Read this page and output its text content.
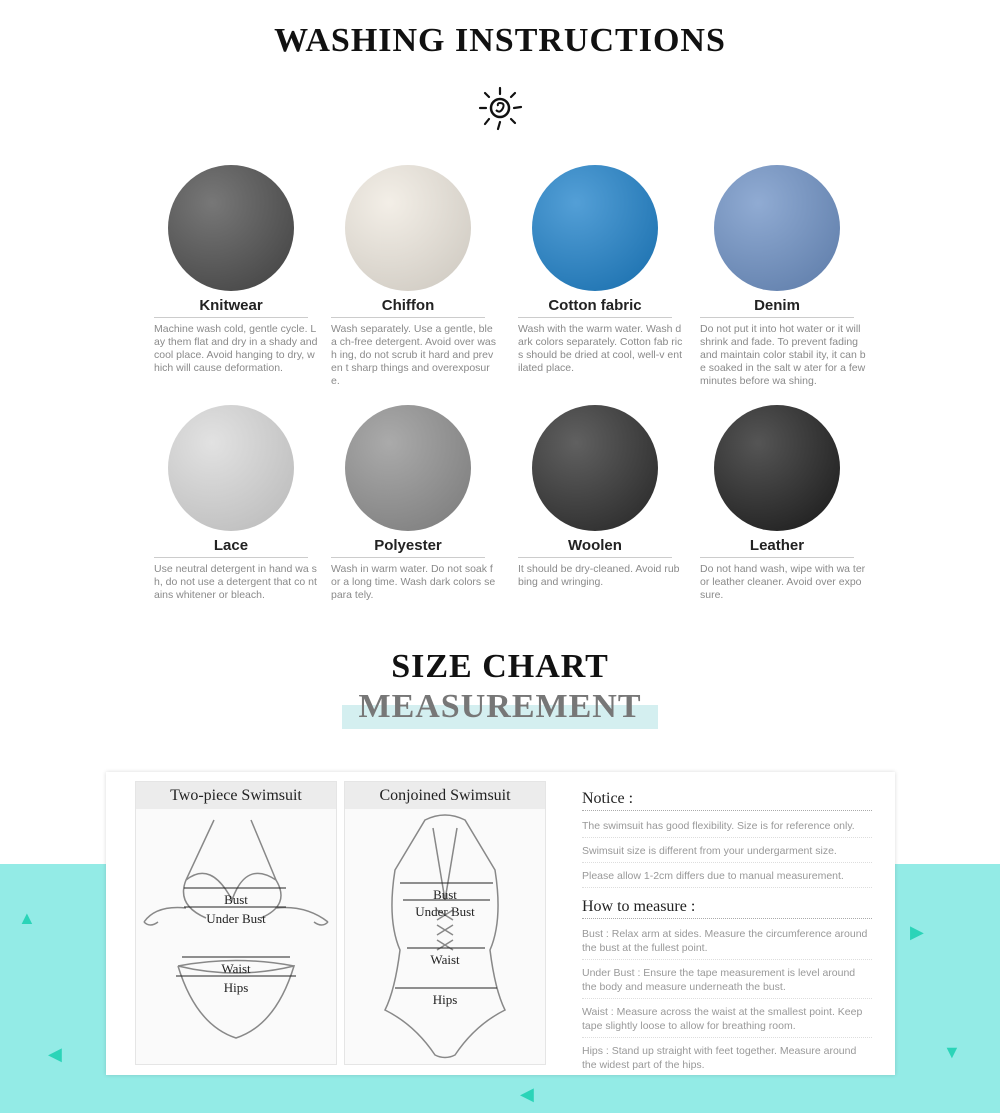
WASHING INSTRUCTIONS
Knitwear
Machine wash cold, gentle cycle. Lay them flat and dry in a shady and cool place. Avoid hanging to dry, which will cause deformation.
Chiffon
Wash separately. Use a gentle, blea ch-free detergent. Avoid over wash ing, do not scrub it hard and preven t sharp things and overexposure.
Cotton fabric
Wash with the warm water. Wash dark colors separately. Cotton fab rics should be dried at cool, well-v entilated place.
Denim
Do not put it into hot water or it will shrink and fade. To prevent fading and maintain color stabil ity, it can be soaked in the salt w ater for a few minutes before wa shing.
Lace
Use neutral detergent in hand wa sh, do not use a detergent that co ntains whitener or bleach.
Polyester
Wash in warm water. Do not soak for a long time. Wash dark colors separa tely.
Woolen
It should be dry-cleaned. Avoid rub bing and wringing.
Leather
Do not hand wash, wipe with wa ter or leather cleaner. Avoid over exposure.
SIZE CHART
MEASUREMENT
▲
◀
▶
▼
◀
Two-piece Swimsuit
Bust
Under Bust
Waist
Hips
Conjoined Swimsuit
Bust
Under Bust
Waist
Hips
Notice :
The swimsuit has good flexibility. Size is for reference only.
Swimsuit size is different from your undergarment size.
Please allow 1-2cm differs due to manual measurement.
How to measure :
Bust : Relax arm at sides. Measure the circumference around the bust at the fullest point.
Under Bust : Ensure the tape measurement is level around the body and measure underneath the bust.
Waist : Measure across the waist at the smallest point. Keep tape slightly loose to allow for breathing room.
Hips : Stand up straight with feet together. Measure around the widest part of the hips.
